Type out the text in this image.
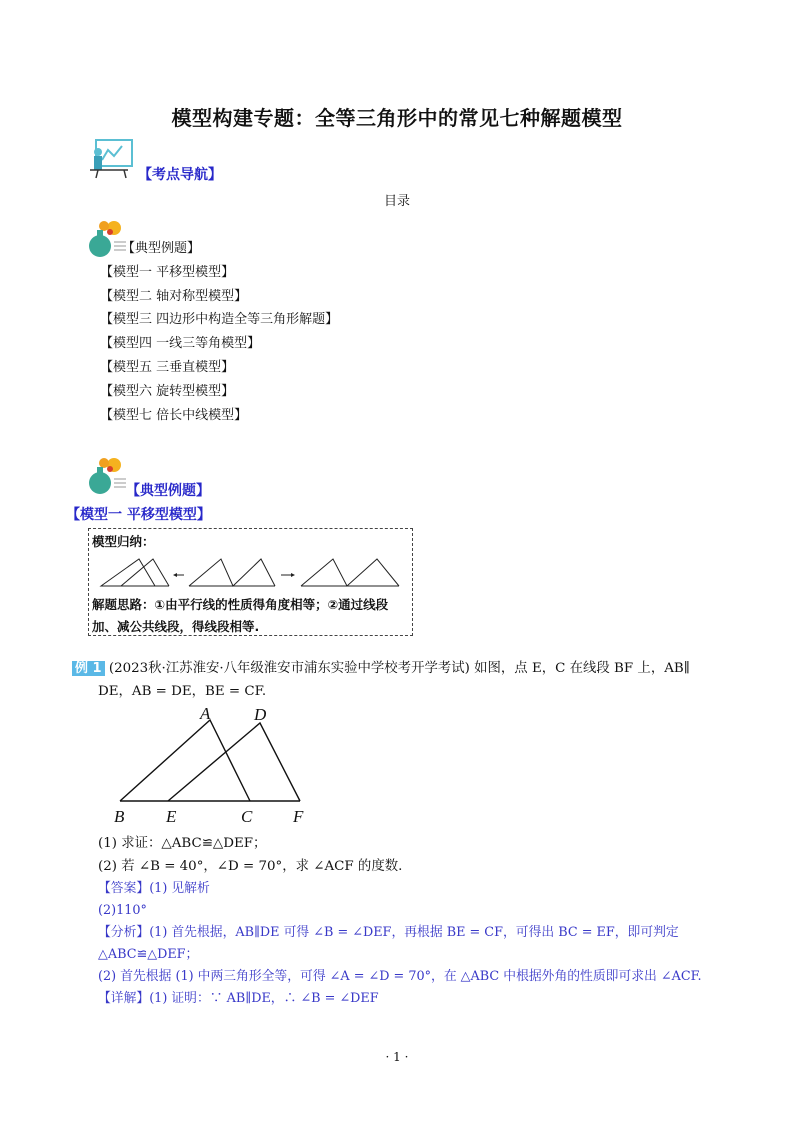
模型构建专题：全等三角形中的常见七种解题模型
【考点导航】
目录
【典型例题】
【模型一 平移型模型】
【模型二 轴对称型模型】
【模型三 四边形中构造全等三角形解题】
【模型四 一线三等角模型】
【模型五 三垂直模型】
【模型六 旋转型模型】
【模型七 倍长中线模型】
【典型例题】
【模型一 平移型模型】
模型归纳：
解题思路：①由平行线的性质得角度相等；②通过线段
加、减公共线段，得线段相等.
例 1 (2023秋·江苏淮安·八年级淮安市浦东实验中学校考开学考试) 如图，点 E，C 在线段 BF 上，AB∥
DE，AB = DE，BE = CF.
A	D
B E	C F
(1) 求证：△ABC≌△DEF；
(2) 若 ∠B = 40°，∠D = 70°，求 ∠ACF 的度数.
【答案】(1) 见解析
(2)110°
【分析】(1) 首先根据，AB∥DE 可得 ∠B = ∠DEF，再根据 BE = CF，可得出 BC = EF，即可判定
△ABC≌△DEF；
(2) 首先根据 (1) 中两三角形全等，可得 ∠A = ∠D = 70°，在 △ABC 中根据外角的性质即可求出 ∠ACF.
【详解】(1) 证明：∵ AB∥DE，∴ ∠B = ∠DEF
· 1 ·
